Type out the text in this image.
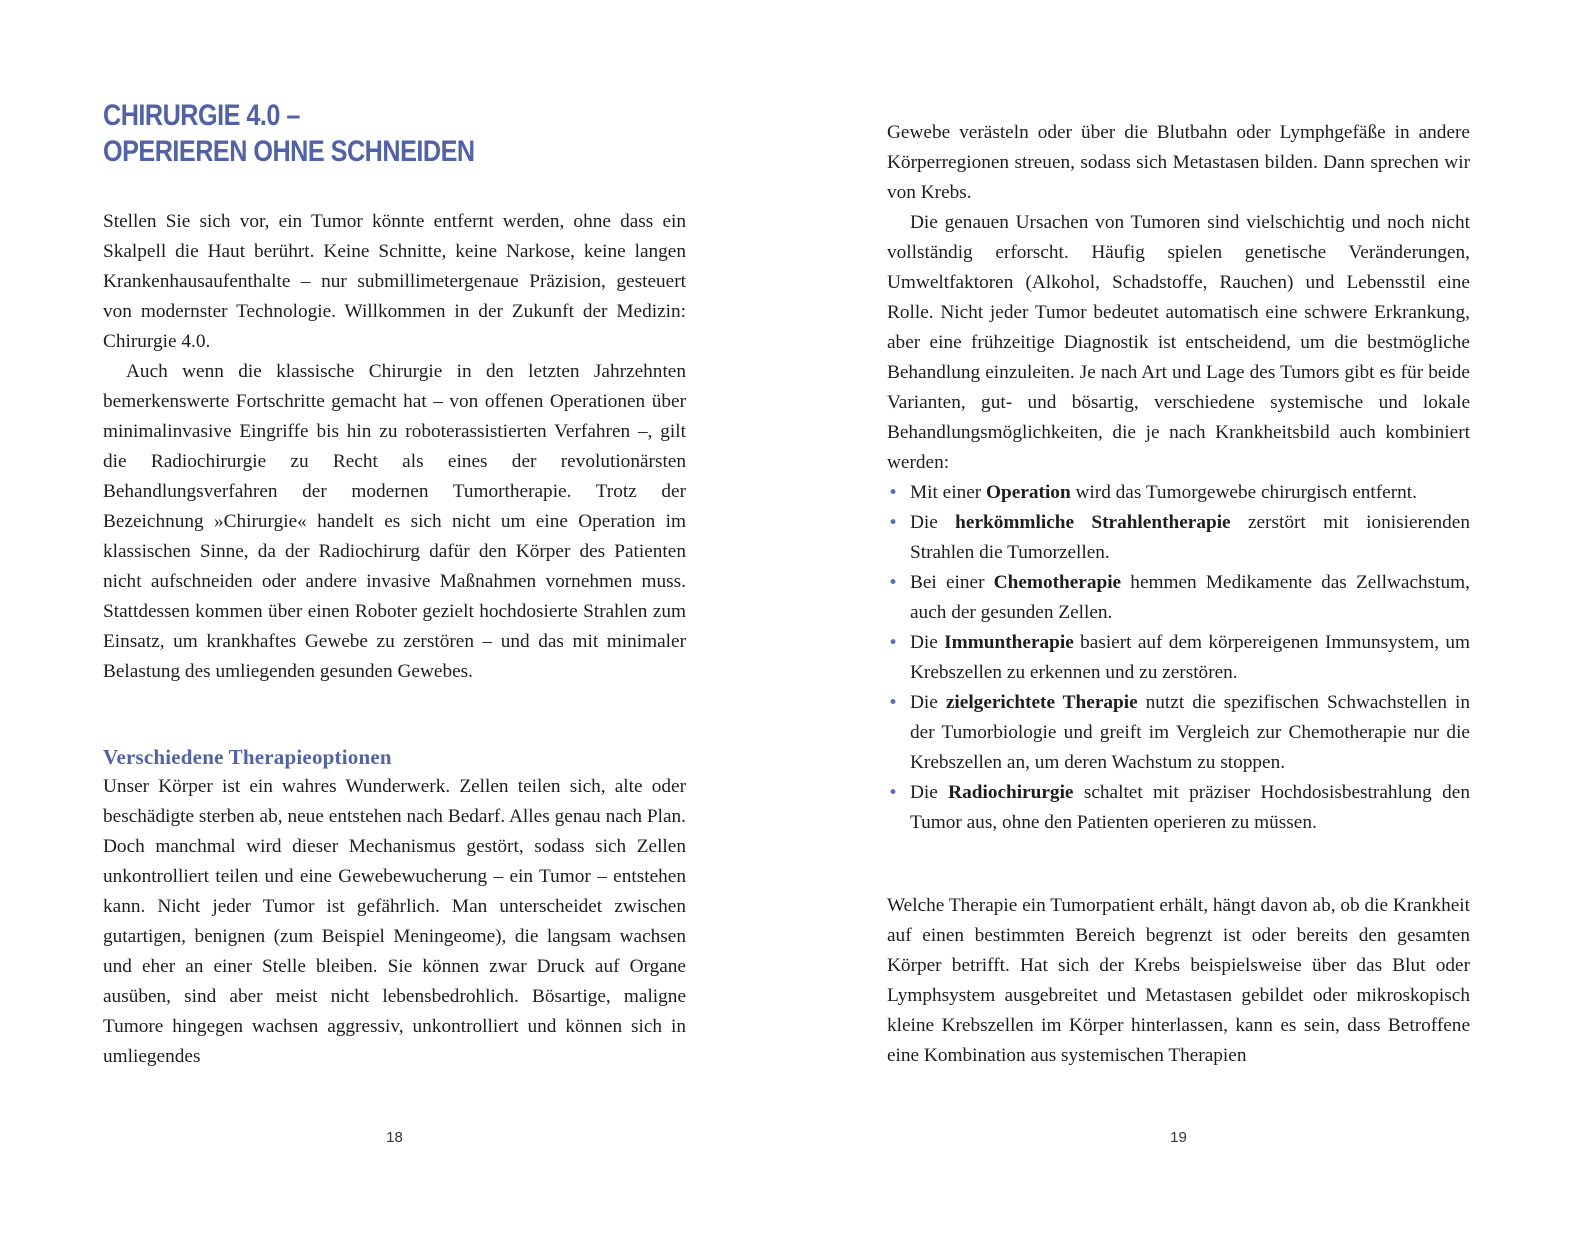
CHIRURGIE 4.0 –
OPERIEREN OHNE SCHNEIDEN

Stellen Sie sich vor, ein Tumor könnte entfernt werden, ohne dass ein Skalpell die Haut berührt. Keine Schnitte, keine Narkose, keine langen Krankenhausaufenthalte – nur submillimetergenaue Präzision, gesteuert von modernster Technologie. Willkommen in der Zukunft der Medizin: Chirurgie 4.0.

Auch wenn die klassische Chirurgie in den letzten Jahrzehnten bemerkenswerte Fortschritte gemacht hat – von offenen Operationen über minimalinvasive Eingriffe bis hin zu roboterassistierten Verfahren –, gilt die Radiochirurgie zu Recht als eines der revolutionärsten Behandlungsverfahren der modernen Tumortherapie. Trotz der Bezeichnung »Chirurgie« handelt es sich nicht um eine Operation im klassischen Sinne, da der Radiochirurg dafür den Körper des Patienten nicht aufschneiden oder andere invasive Maßnahmen vornehmen muss. Stattdessen kommen über einen Roboter gezielt hochdosierte Strahlen zum Einsatz, um krankhaftes Gewebe zu zerstören – und das mit minimaler Belastung des umliegenden gesunden Gewebes.

Verschiedene Therapieoptionen

Unser Körper ist ein wahres Wunderwerk. Zellen teilen sich, alte oder beschädigte sterben ab, neue entstehen nach Bedarf. Alles genau nach Plan. Doch manchmal wird dieser Mechanismus gestört, sodass sich Zellen unkontrolliert teilen und eine Gewebewucherung – ein Tumor – entstehen kann. Nicht jeder Tumor ist gefährlich. Man unterscheidet zwischen gutartigen, benignen (zum Beispiel Meningeome), die langsam wachsen und eher an einer Stelle bleiben. Sie können zwar Druck auf Organe ausüben, sind aber meist nicht lebensbedrohlich. Bösartige, maligne Tumore hingegen wachsen aggressiv, unkontrolliert und können sich in umliegendes

18

Gewebe verästeln oder über die Blutbahn oder Lymphgefäße in andere Körperregionen streuen, sodass sich Metastasen bilden. Dann sprechen wir von Krebs.

Die genauen Ursachen von Tumoren sind vielschichtig und noch nicht vollständig erforscht. Häufig spielen genetische Veränderungen, Umweltfaktoren (Alkohol, Schadstoffe, Rauchen) und Lebensstil eine Rolle. Nicht jeder Tumor bedeutet automatisch eine schwere Erkrankung, aber eine frühzeitige Diagnostik ist entscheidend, um die bestmögliche Behandlung einzuleiten. Je nach Art und Lage des Tumors gibt es für beide Varianten, gut- und bösartig, verschiedene systemische und lokale Behandlungsmöglichkeiten, die je nach Krankheitsbild auch kombiniert werden:

• Mit einer Operation wird das Tumorgewebe chirurgisch entfernt.
• Die herkömmliche Strahlentherapie zerstört mit ionisierenden Strahlen die Tumorzellen.
• Bei einer Chemotherapie hemmen Medikamente das Zellwachstum, auch der gesunden Zellen.
• Die Immuntherapie basiert auf dem körpereigenen Immunsystem, um Krebszellen zu erkennen und zu zerstören.
• Die zielgerichtete Therapie nutzt die spezifischen Schwachstellen in der Tumorbiologie und greift im Vergleich zur Chemotherapie nur die Krebszellen an, um deren Wachstum zu stoppen.
• Die Radiochirurgie schaltet mit präziser Hochdosisbestrahlung den Tumor aus, ohne den Patienten operieren zu müssen.

Welche Therapie ein Tumorpatient erhält, hängt davon ab, ob die Krankheit auf einen bestimmten Bereich begrenzt ist oder bereits den gesamten Körper betrifft. Hat sich der Krebs beispielsweise über das Blut oder Lymphsystem ausgebreitet und Metastasen gebildet oder mikroskopisch kleine Krebszellen im Körper hinterlassen, kann es sein, dass Betroffene eine Kombination aus systemischen Therapien

19
